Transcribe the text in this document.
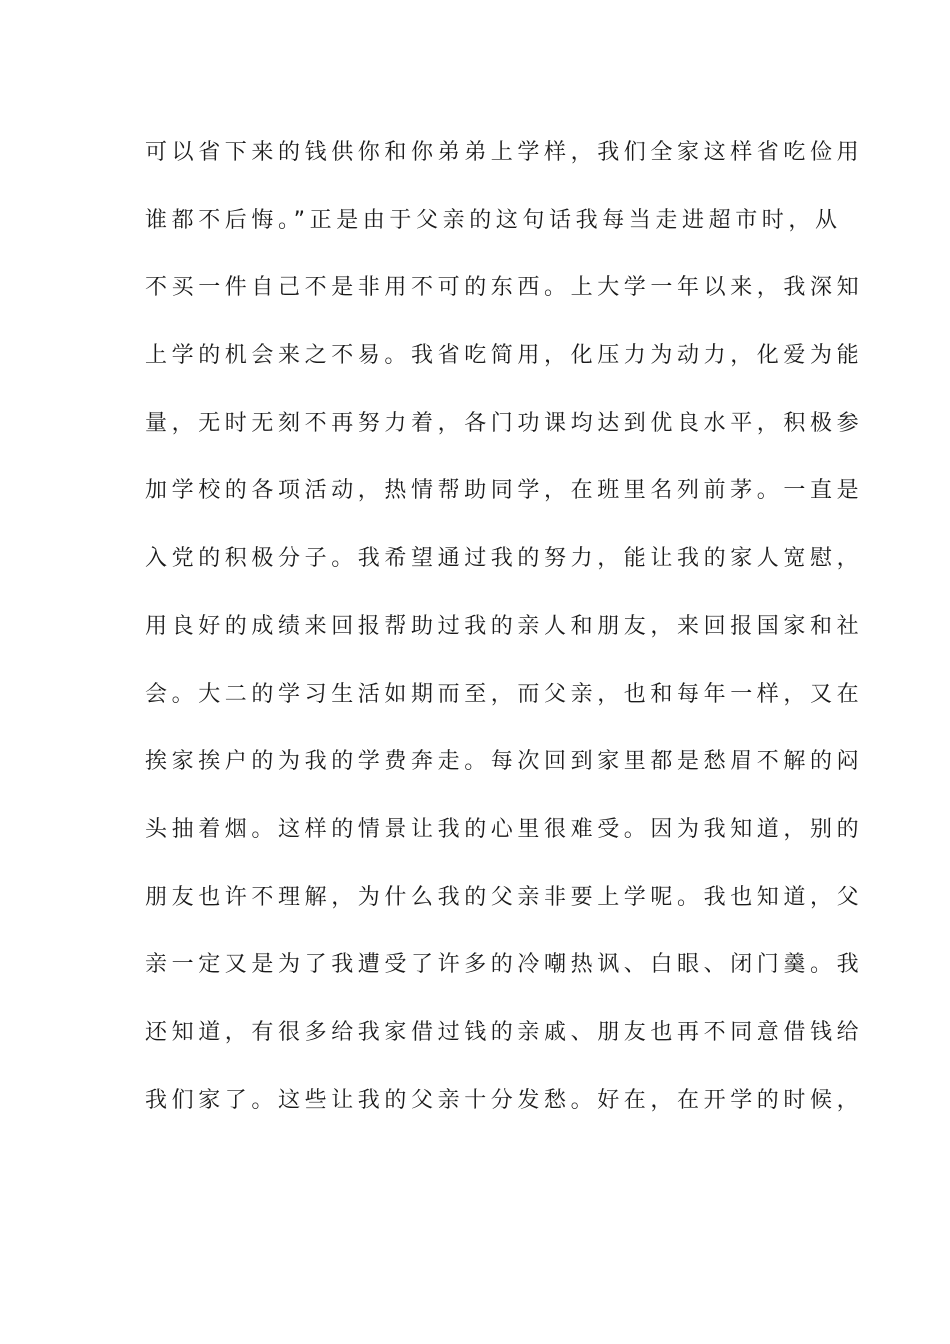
可以省下来的钱供你和你弟弟上学样，我们全家这样省吃俭用
谁都不后悔。”正是由于父亲的这句话我每当走进超市时，从
不买一件自己不是非用不可的东西。上大学一年以来，我深知
上学的机会来之不易。我省吃简用，化压力为动力，化爱为能
量，无时无刻不再努力着，各门功课均达到优良水平，积极参
加学校的各项活动，热情帮助同学，在班里名列前茅。一直是
入党的积极分子。我希望通过我的努力，能让我的家人宽慰，
用良好的成绩来回报帮助过我的亲人和朋友，来回报国家和社
会。大二的学习生活如期而至，而父亲，也和每年一样，又在
挨家挨户的为我的学费奔走。每次回到家里都是愁眉不解的闷
头抽着烟。这样的情景让我的心里很难受。因为我知道，别的
朋友也许不理解，为什么我的父亲非要上学呢。我也知道，父
亲一定又是为了我遭受了许多的冷嘲热讽、白眼、闭门羹。我
还知道，有很多给我家借过钱的亲戚、朋友也再不同意借钱给
我们家了。这些让我的父亲十分发愁。好在，在开学的时候，
